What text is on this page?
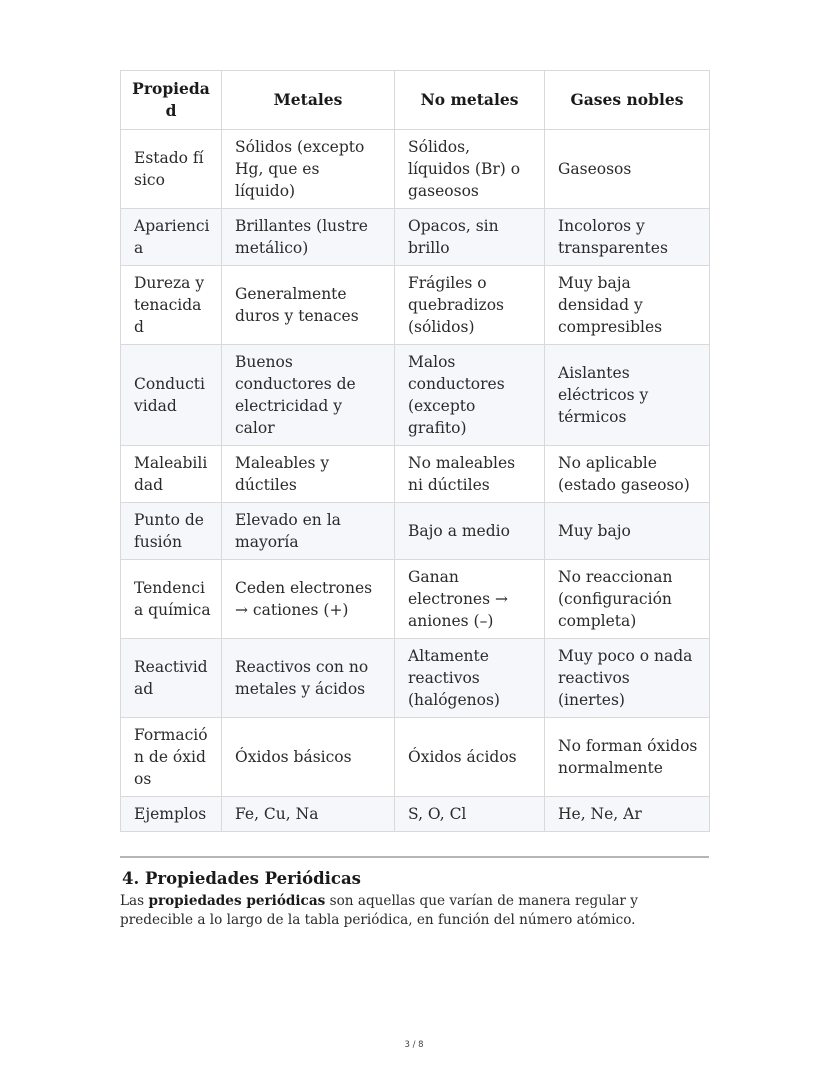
Propiedad	Metales	No metales	Gases nobles
Estado físico	Sólidos (excepto Hg, que es líquido)	Sólidos, líquidos (Br) o gaseosos	Gaseosos
Apariencia	Brillantes (lustre metálico)	Opacos, sin brillo	Incoloros y transparentes
Dureza y tenacidad	Generalmente duros y tenaces	Frágiles o quebradizos (sólidos)	Muy baja densidad y compresibles
Conductividad	Buenos conductores de electricidad y calor	Malos conductores (excepto grafito)	Aislantes eléctricos y térmicos
Maleabilidad	Maleables y dúctiles	No maleables ni dúctiles	No aplicable (estado gaseoso)
Punto de fusión	Elevado en la mayoría	Bajo a medio	Muy bajo
Tendencia química	Ceden electrones → cationes (+)	Ganan electrones → aniones (–)	No reaccionan (configuración completa)
Reactividad	Reactivos con no metales y ácidos	Altamente reactivos (halógenos)	Muy poco o nada reactivos (inertes)
Formación de óxidos	Óxidos básicos	Óxidos ácidos	No forman óxidos normalmente
Ejemplos	Fe, Cu, Na	S, O, Cl	He, Ne, Ar
4. Propiedades Periódicas
Las propiedades periódicas son aquellas que varían de manera regular y predecible a lo largo de la tabla periódica, en función del número atómico.
3 / 8
